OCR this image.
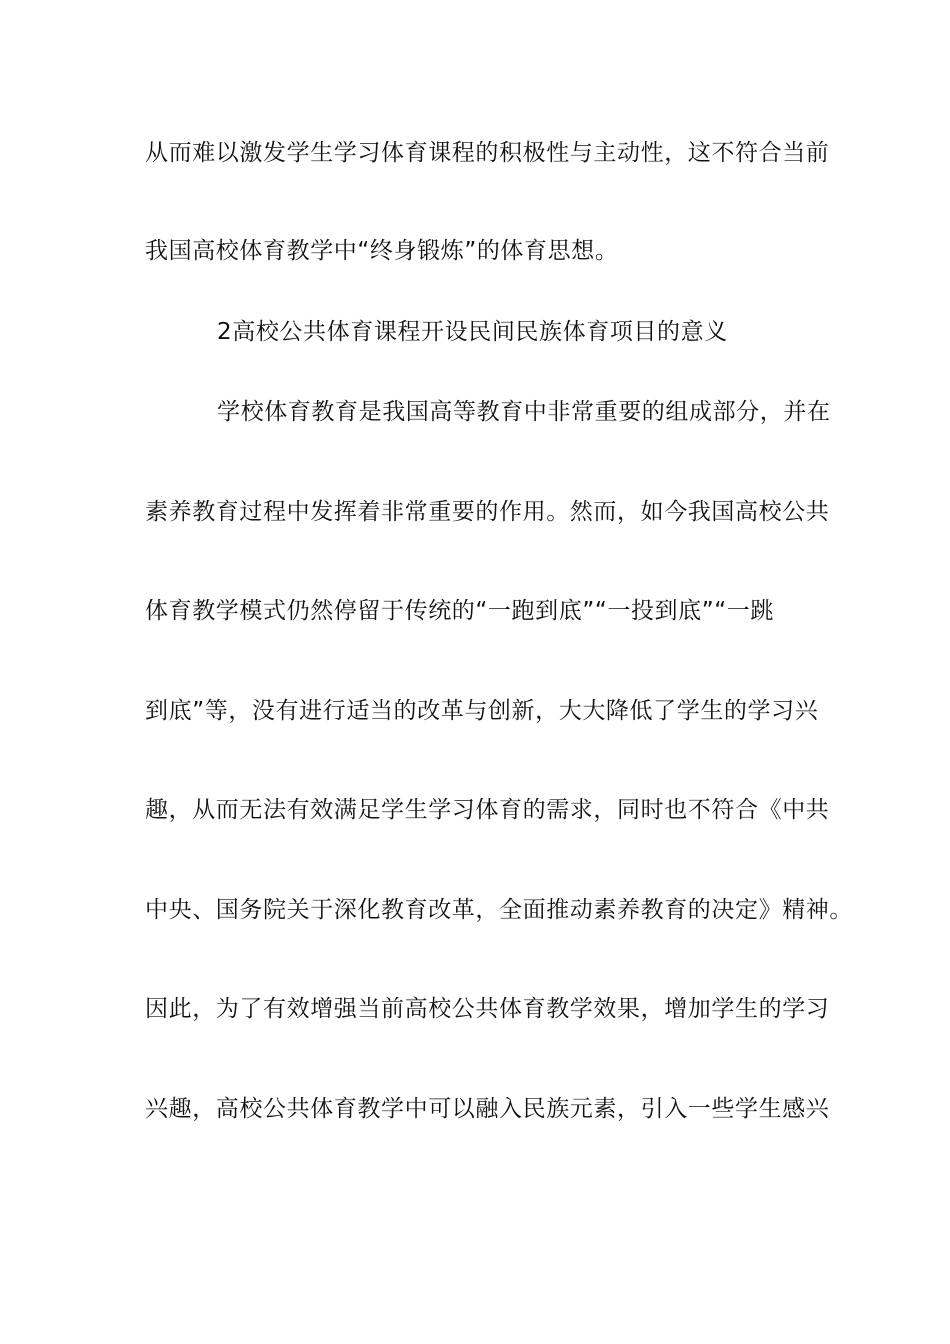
从而难以激发学生学习体育课程的积极性与主动性，这不符合当前
我国高校体育教学中“终身锻炼”的体育思想。
2高校公共体育课程开设民间民族体育项目的意义
学校体育教育是我国高等教育中非常重要的组成部分，并在
素养教育过程中发挥着非常重要的作用。然而，如今我国高校公共
体育教学模式仍然停留于传统的“一跑到底”“一投到底”“一跳
到底”等，没有进行适当的改革与创新，大大降低了学生的学习兴
趣，从而无法有效满足学生学习体育的需求，同时也不符合《中共
中央、国务院关于深化教育改革，全面推动素养教育的决定》精神。
因此，为了有效增强当前高校公共体育教学效果，增加学生的学习
兴趣，高校公共体育教学中可以融入民族元素，引入一些学生感兴
